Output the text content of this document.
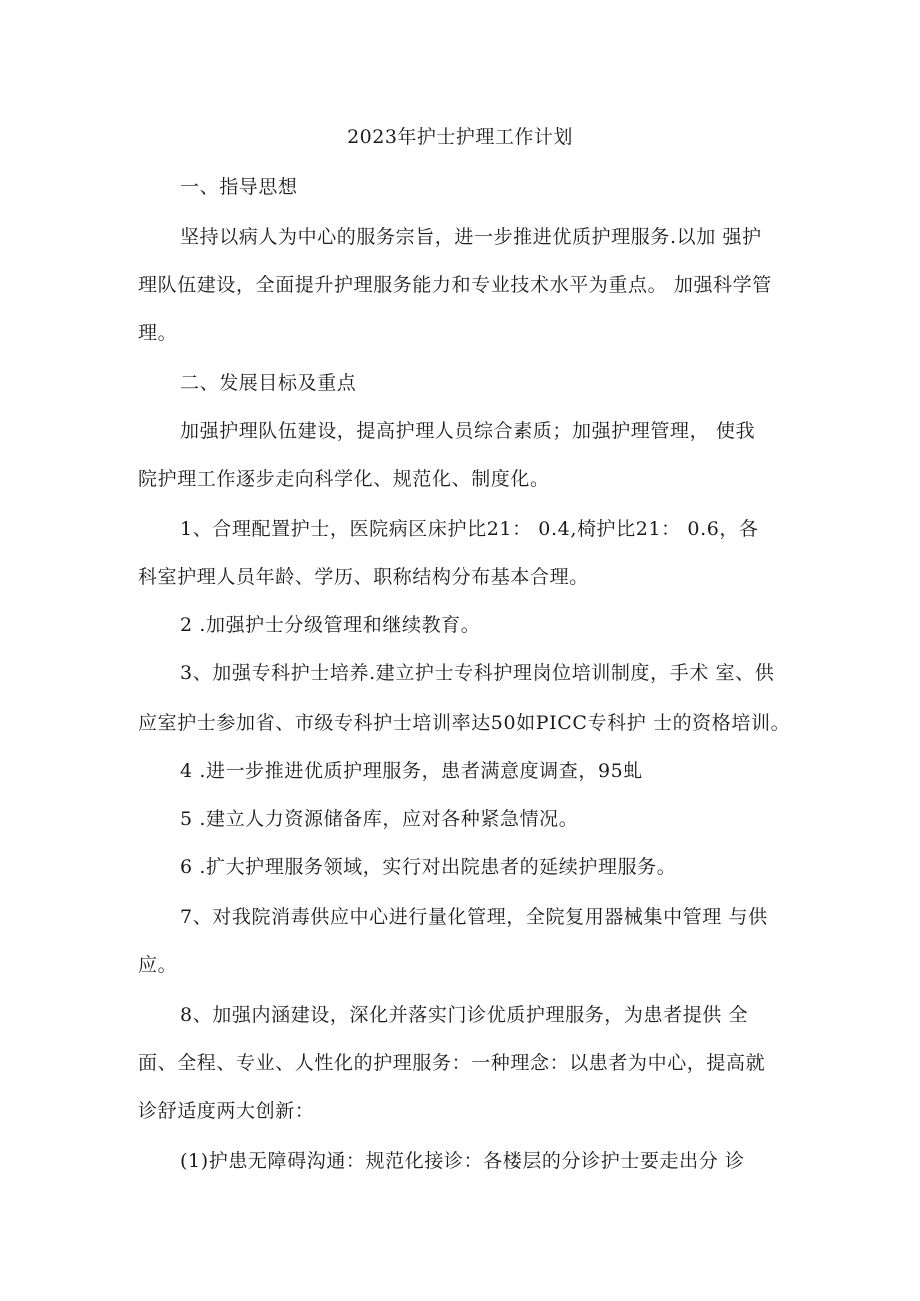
2023年护士护理工作计划
一、指导思想
坚持以病人为中心的服务宗旨，进一步推进优质护理服务.以加 强护
理队伍建设，全面提升护理服务能力和专业技术水平为重点。 加强科学管
理。
二、发展目标及重点
加强护理队伍建设，提高护理人员综合素质；加强护理管理， 使我
院护理工作逐步走向科学化、规范化、制度化。
1、合理配置护士，医院病区床护比21： 0.4,椅护比21： 0.6，各
科室护理人员年龄、学历、职称结构分布基本合理。
2 .加强护士分级管理和继续教育。
3、加强专科护士培养.建立护士专科护理岗位培训制度，手术 室、供
应室护士参加省、市级专科护士培训率达50如PICC专科护 士的资格培训。
4 .进一步推进优质护理服务，患者满意度调查，95虬
5 .建立人力资源储备库，应对各种紧急情况。
6 .扩大护理服务领域，实行对出院患者的延续护理服务。
7、对我院消毒供应中心进行量化管理，全院复用器械集中管理 与供
应。
8、加强内涵建设，深化并落实门诊优质护理服务，为患者提供 全
面、全程、专业、人性化的护理服务：一种理念：以患者为中心，提高就
诊舒适度两大创新：
(1)护患无障碍沟通：规范化接诊：各楼层的分诊护士要走出分 诊
